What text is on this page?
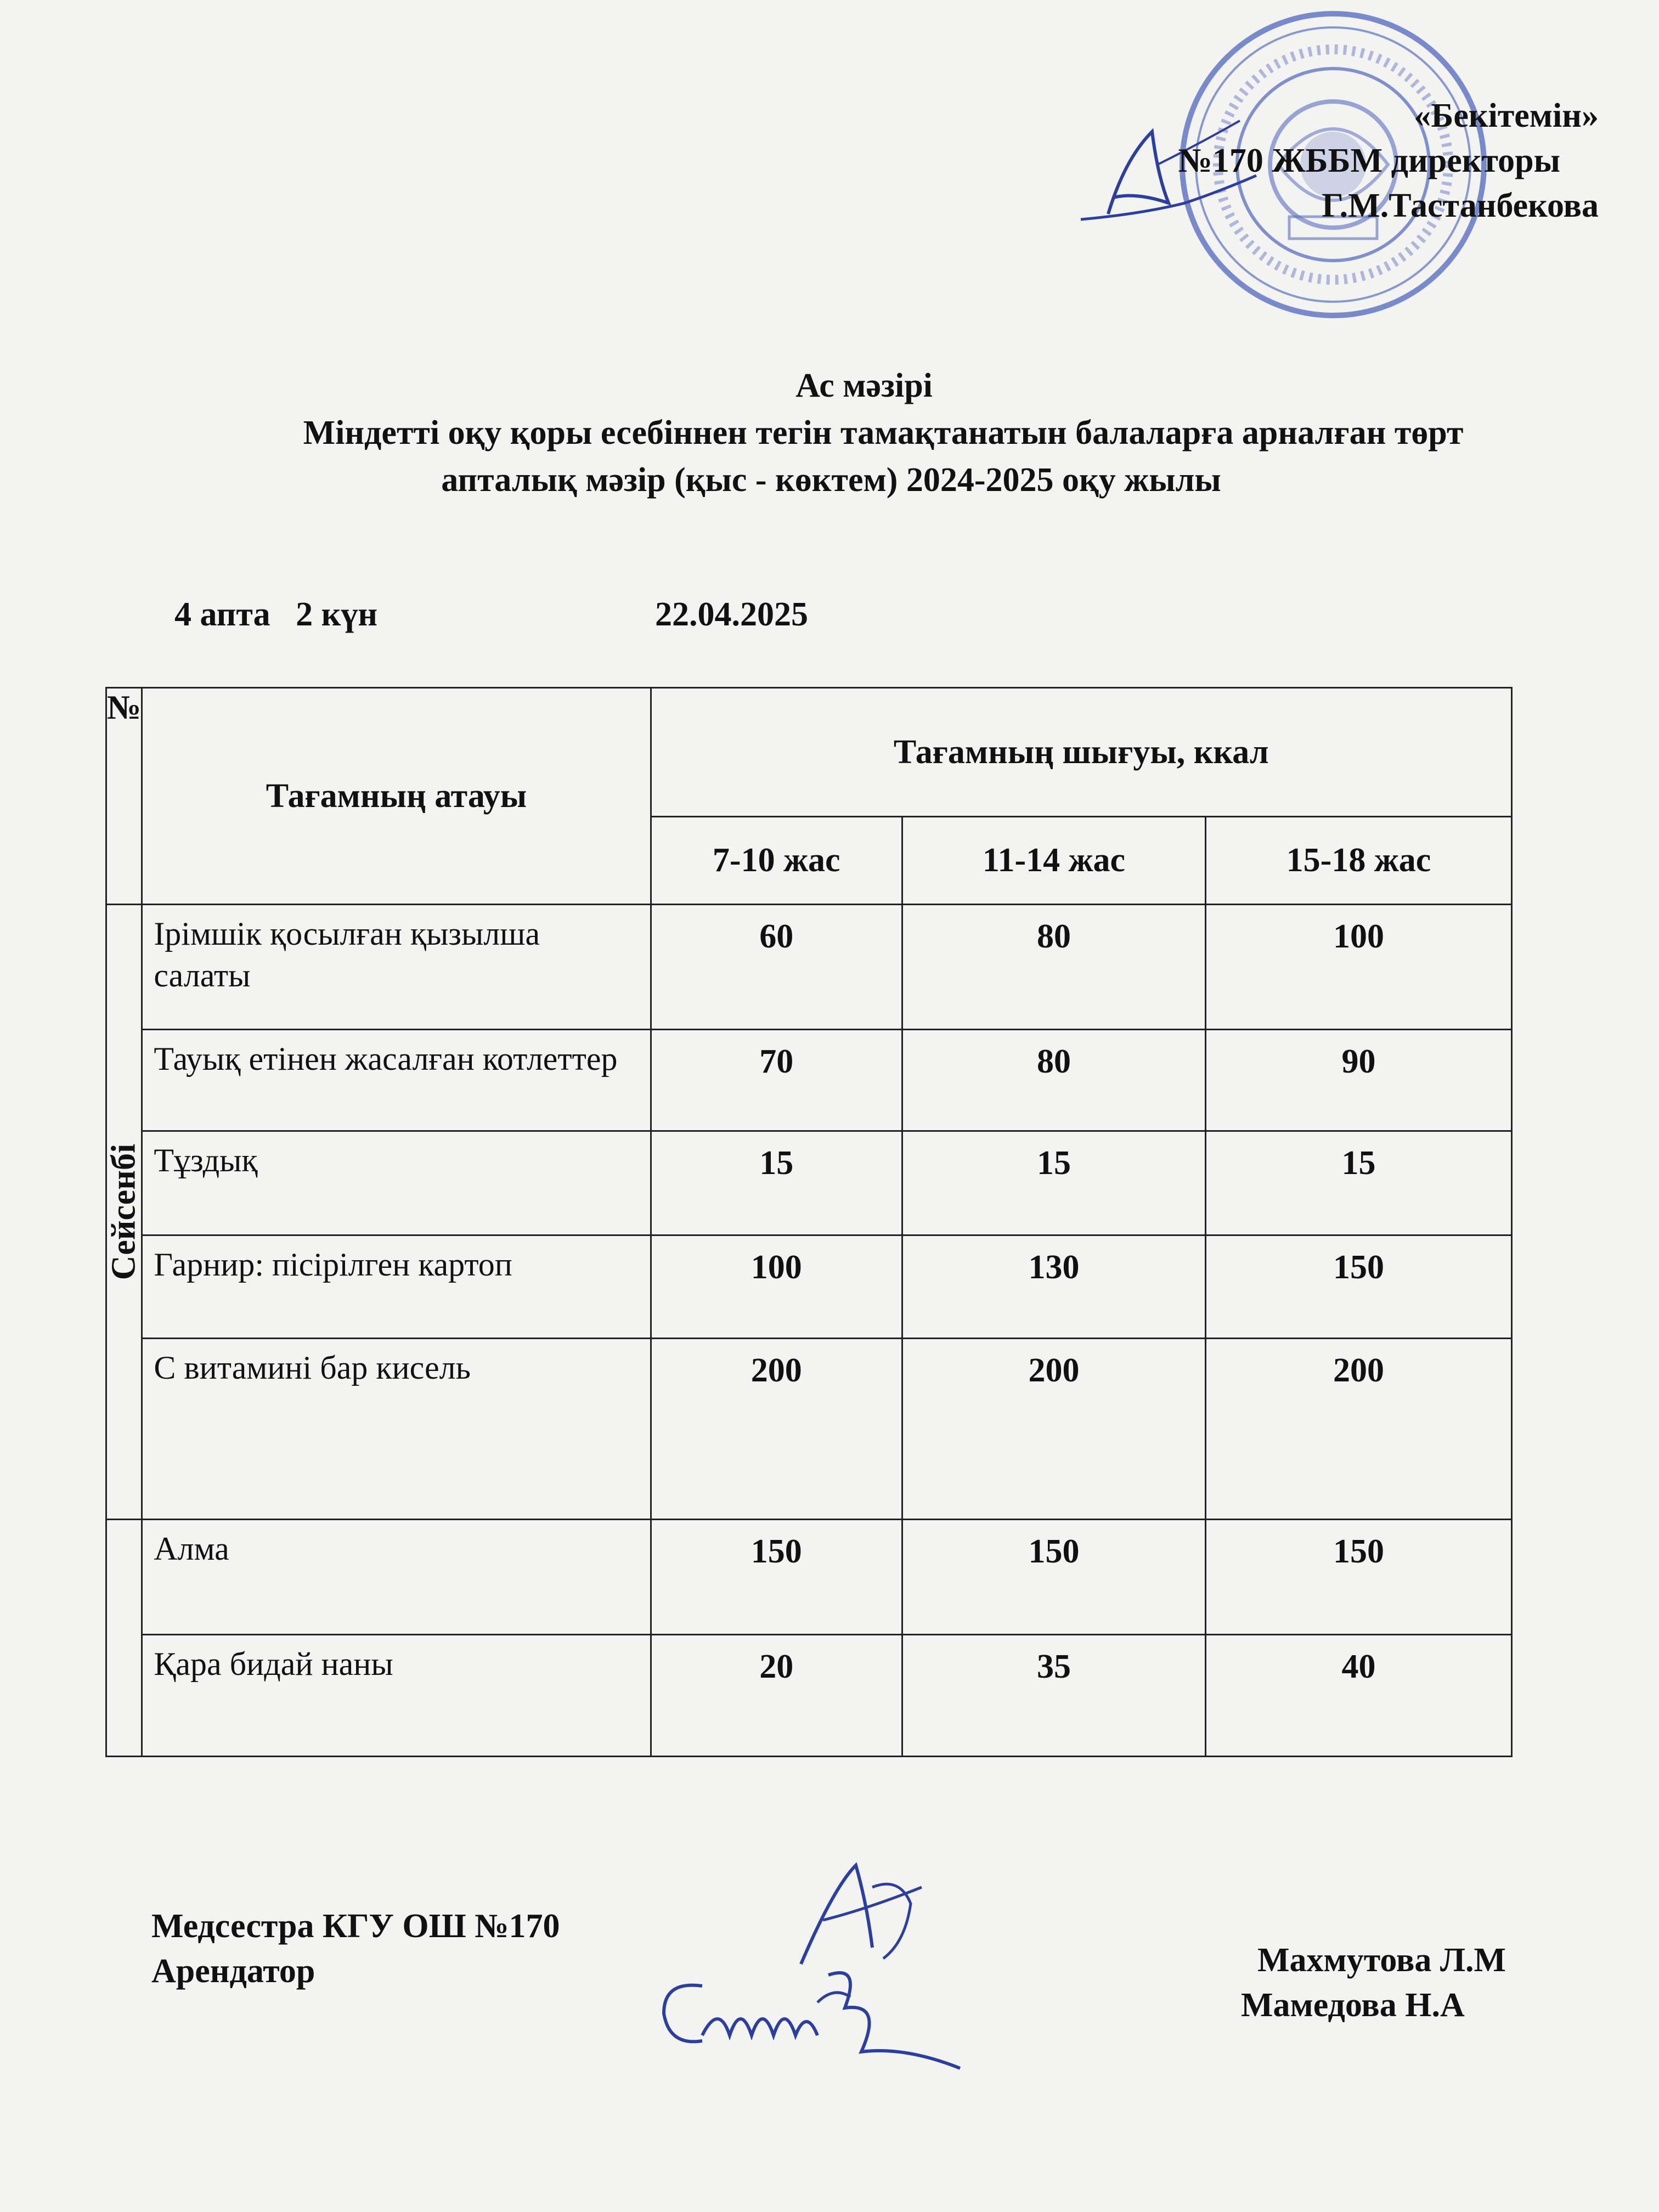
«Бекітемін»
№170 ЖББМ директоры
Г.М.Тастанбекова
Ас мәзірі
Міндетті оқу қоры есебіннен тегін тамақтанатын балаларға арналған төрт
апталық мәзір (қыс - көктем) 2024-2025 оқу жылы
4 апта   2 күн	22.04.2025
№	Тағамның атауы	Тағамның шығуы, ккал		
		7-10 жас	11-14 жас	15-18 жас

Сейсенбі	Ірімшік қосылған қызылша салаты	60	80	100
	Тауық етінен жасалған котлеттер	70	80	90
	Тұздық	15	15	15
	Гарнир: пісірілген картоп	100	130	150
	С витамині бар кисель	200	200	200
	Алма	150	150	150
	Қара бидай наны	20	35	40
Медсестра КГУ ОШ №170
Арендатор	Махмутова Л.М
Мамедова Н.А
